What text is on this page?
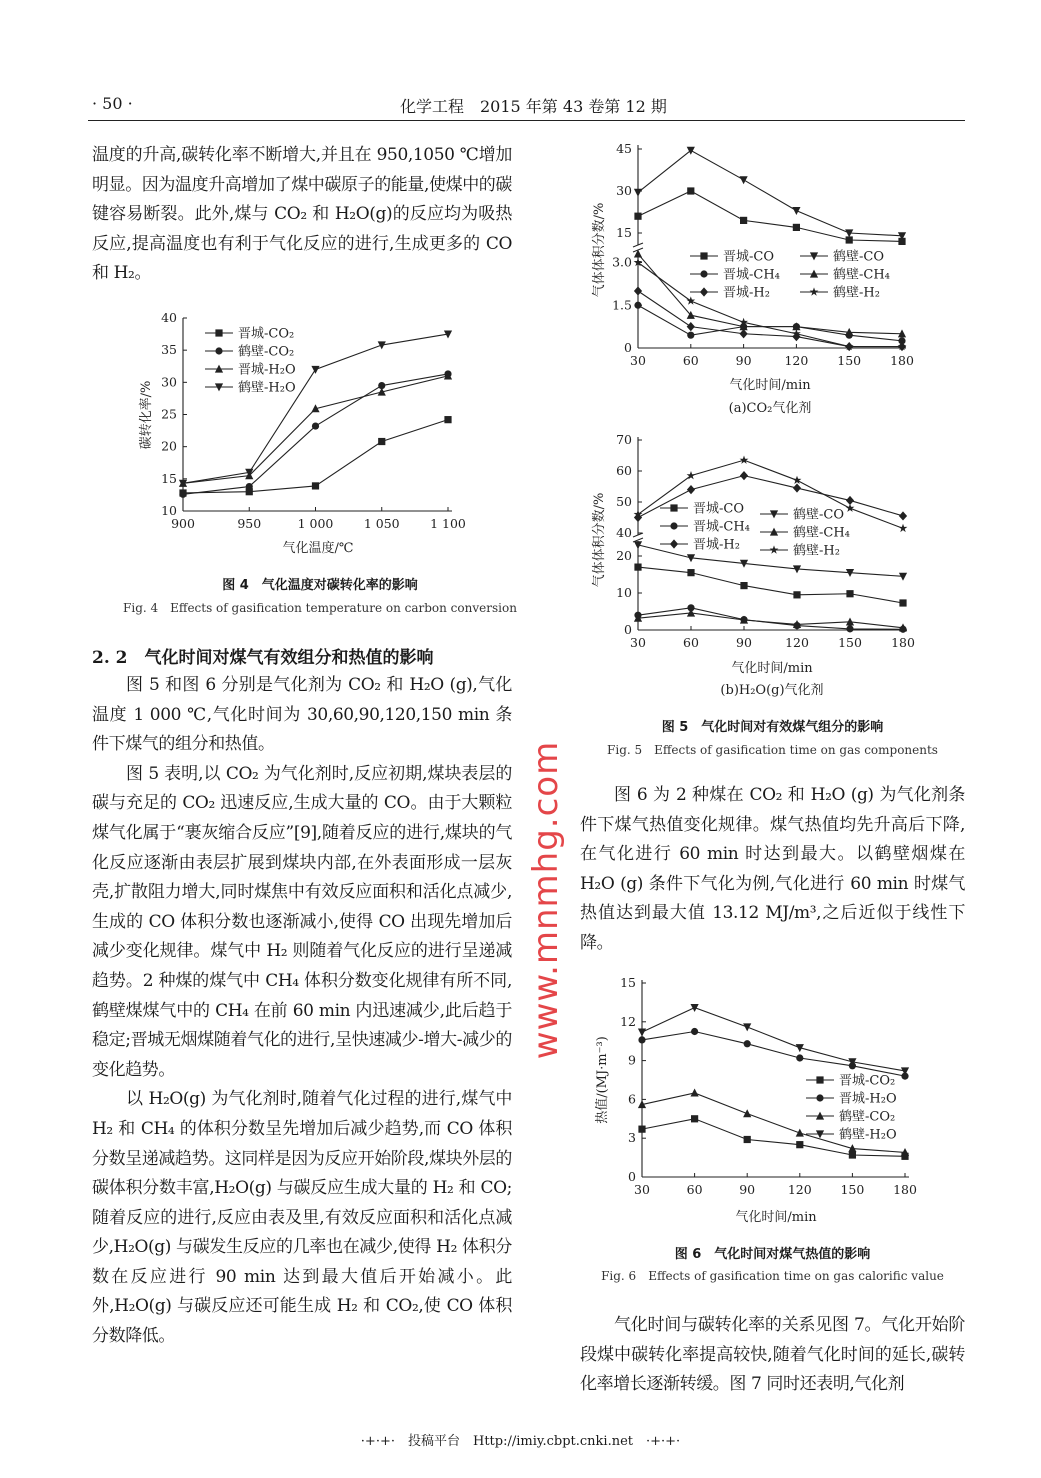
· 50 ·	化学工程　2015 年第 43 卷第 12 期

温度的升高,碳转化率不断增大,并且在 950,1050 ℃增加明显。因为温度升高增加了煤中碳原子的能量,使煤中的碳键容易断裂。此外,煤与 CO₂ 和 H₂O(g)的反应均为吸热反应,提高温度也有利于气化反应的进行,生成更多的 CO 和 H₂。

图 4　气化温度对碳转化率的影响
Fig. 4　Effects of gasification temperature on carbon conversion
2. 2　气化时间对煤气有效组分和热值的影响

图 5 和图 6 分别是气化剂为 CO₂ 和 H₂O (g),气化温度 1 000 ℃,气化时间为 30,60,90,120,150 min 条件下煤气的组分和热值。

图 5 表明,以 CO₂ 为气化剂时,反应初期,煤块表层的碳与充足的 CO₂ 迅速反应,生成大量的 CO。由于大颗粒煤气化属于“裹灰缩合反应”[9],随着反应的进行,煤块的气化反应逐渐由表层扩展到煤块内部,在外表面形成一层灰壳,扩散阻力增大,同时煤焦中有效反应面积和活化点减少,生成的 CO 体积分数也逐渐减小,使得 CO 出现先增加后减少变化规律。煤气中 H₂ 则随着气化反应的进行呈递减趋势。2 种煤的煤气中 CH₄ 体积分数变化规律有所不同,鹤壁煤煤气中的 CH₄ 在前 60 min 内迅速减少,此后趋于稳定;晋城无烟煤随着气化的进行,呈快速减少-增大-减少的变化趋势。

以 H₂O(g) 为气化剂时,随着气化过程的进行,煤气中 H₂ 和 CH₄ 的体积分数呈先增加后减少趋势,而 CO 体积分数呈递减趋势。这同样是因为反应开始阶段,煤块外层的碳体积分数丰富,H₂O(g) 与碳反应生成大量的 H₂ 和 CO;随着反应的进行,反应由表及里,有效反应面积和活化点减少,H₂O(g) 与碳发生反应的几率也在减少,使得 H₂ 体积分数在反应进行 90 min 达到最大值后开始减小。此外,H₂O(g) 与碳反应还可能生成 H₂ 和 CO₂,使 CO 体积分数降低。

图 5　气化时间对有效煤气组分的影响
Fig. 5　Effects of gasification time on gas components

图 6 为 2 种煤在 CO₂ 和 H₂O (g) 为气化剂条件下煤气热值变化规律。煤气热值均先升高后下降,在气化进行 60 min 时达到最大。以鹤壁烟煤在 H₂O (g) 条件下气化为例,气化进行 60 min 时煤气热值达到最大值 13.12 MJ/m³,之后近似于线性下降。

图 6　气化时间对煤气热值的影响
Fig. 6　Effects of gasification time on gas calorific value

气化时间与碳转化率的关系见图 7。气化开始阶段煤中碳转化率提高较快,随着气化时间的延长,碳转化率增长逐渐转缓。图 7 同时还表明,气化剂

900	950	1 000 1 050 1 100
10
15
20
25
30
35
40
气化温度/℃
碳转化率/%
晋城-CO₂
鹤壁-CO₂
晋城-H₂O
鹤壁-H₂O
30	60	90	120 150 180
0
1.5
3.0
15
30
45
气化时间/min
气体体积分数/%
(a)CO₂气化剂
晋城-CO
晋城-CH₄
晋城-H₂
鹤壁-CO
鹤壁-CH₄
鹤壁-H₂
30	60	90	120 150 180
0
10
20
40
50
60
70
气化时间/min
气体体积分数/%
(b)H₂O(g)气化剂
晋城-CO
晋城-CH₄
晋城-H₂
鹤壁-CO
鹤壁-CH₄
鹤壁-H₂
30	60	90	120 150 180
0
3
6
9
12
15
气化时间/min
热值/(MJ·m⁻³)	晋城-CO₂
晋城-H₂O
鹤壁-CO₂
鹤壁-H₂O
www.mnmhg.com
·+·+·　投稿平台　Http://imiy.cbpt.cnki.net　·+·+·
